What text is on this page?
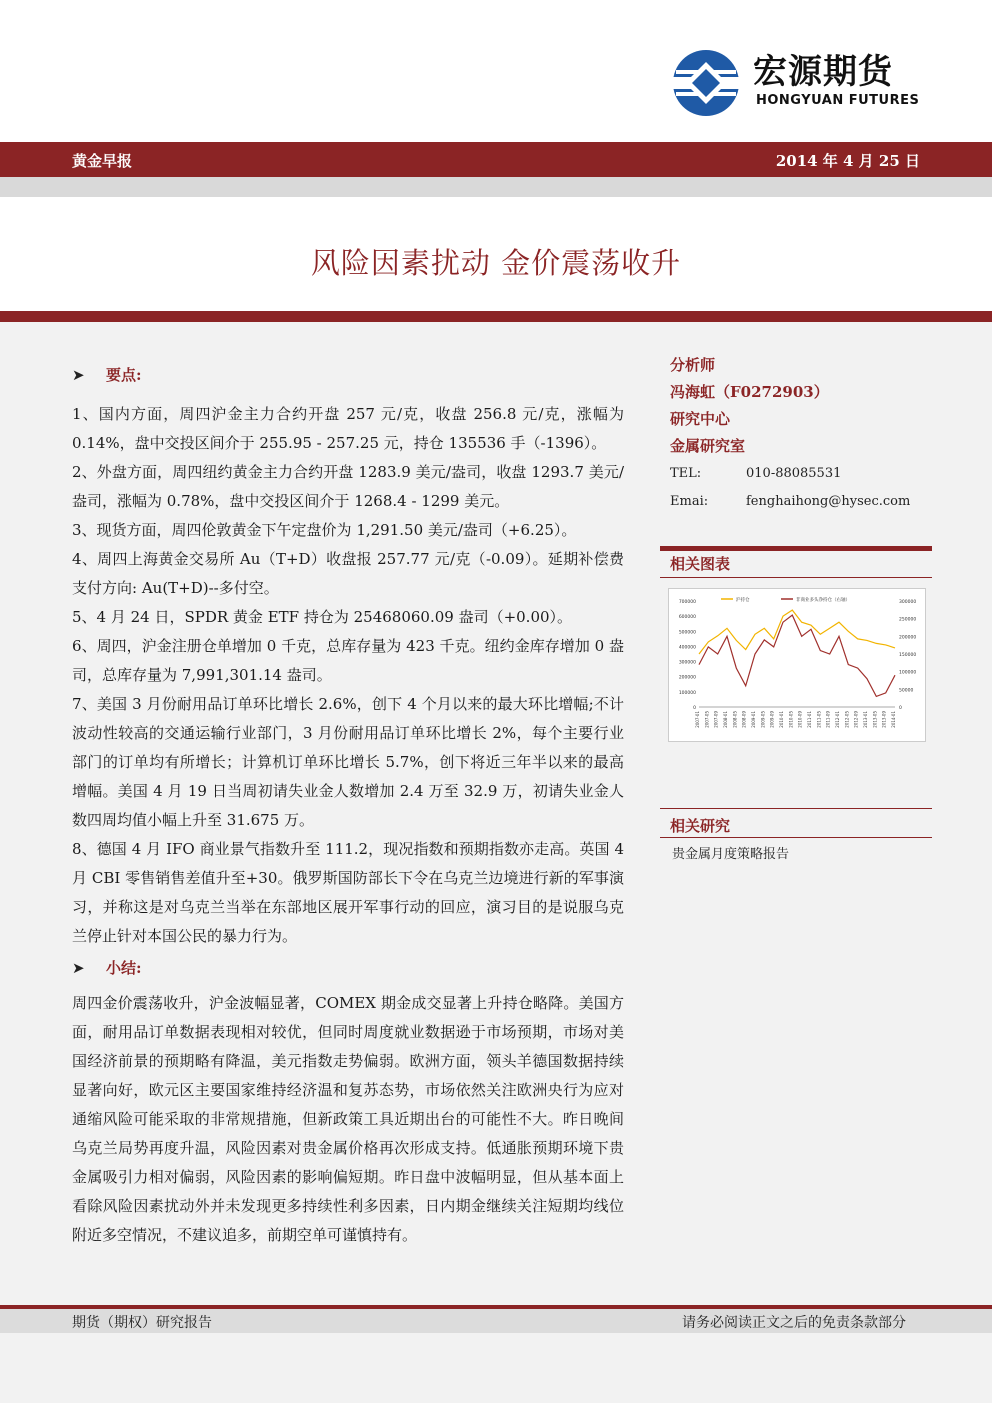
宏源期货
HONGYUAN FUTURES
黄金早报	2014 年 4 月 25 日
风险因素扰动 金价震荡收升
➤ 要点:

1、国内方面，周四沪金主力合约开盘 257 元/克，收盘 256.8 元/克，涨幅为 0.14%，盘中交投区间介于 255.95 - 257.25 元，持仓 135536 手（-1396）。

2、外盘方面，周四纽约黄金主力合约开盘 1283.9 美元/盎司，收盘 1293.7 美元/盎司，涨幅为 0.78%，盘中交投区间介于 1268.4 - 1299 美元。

3、现货方面，周四伦敦黄金下午定盘价为 1,291.50 美元/盎司（+6.25）。

4、周四上海黄金交易所 Au（T+D）收盘报 257.77 元/克（-0.09）。延期补偿费支付方向: Au(T+D)--多付空。

5、4 月 24 日，SPDR 黄金 ETF 持仓为 25468060.09 盎司（+0.00）。

6、周四，沪金注册仓单增加 0 千克，总库存量为 423 千克。纽约金库存增加 0 盎司，总库存量为 7,991,301.14 盎司。

7、美国 3 月份耐用品订单环比增长 2.6%，创下 4 个月以来的最大环比增幅;不计波动性较高的交通运输行业部门，3 月份耐用品订单环比增长 2%，每个主要行业部门的订单均有所增长；计算机订单环比增长 5.7%，创下将近三年半以来的最高增幅。美国 4 月 19 日当周初请失业金人数增加 2.4 万至 32.9 万，初请失业金人数四周均值小幅上升至 31.675 万。

8、德国 4 月 IFO 商业景气指数升至 111.2，现况指数和预期指数亦走高。英国 4 月 CBI 零售销售差值升至+30。俄罗斯国防部长下令在乌克兰边境进行新的军事演习，并称这是对乌克兰当举在东部地区展开军事行动的回应，演习目的是说服乌克兰停止针对本国公民的暴力行为。

➤ 小结:

周四金价震荡收升，沪金波幅显著，COMEX 期金成交显著上升持仓略降。美国方面，耐用品订单数据表现相对较优，但同时周度就业数据逊于市场预期，市场对美国经济前景的预期略有降温，美元指数走势偏弱。欧洲方面，领头羊德国数据持续显著向好，欧元区主要国家维持经济温和复苏态势，市场依然关注欧洲央行为应对通缩风险可能采取的非常规措施，但新政策工具近期出台的可能性不大。昨日晚间乌克兰局势再度升温，风险因素对贵金属价格再次形成支持。低通胀预期环境下贵金属吸引力相对偏弱，风险因素的影响偏短期。昨日盘中波幅明显，但从基本面上看除风险因素扰动外并未发现更多持续性利多因素，日内期金继续关注短期均线位附近多空情况，不建议追多，前期空单可谨慎持有。

分析师
冯海虹（F0272903）
研究中心
金属研究室
TEL:	010-88085531
Emai:	fenghaihong@hysec.com
相关图表
700000
600000
500000
400000
300000
200000
100000
0
300000
250000
200000
150000
100000
50000
0
2007-01 2007-05 2007-09 2008-01 2008-05 2008-09 2009-01 2009-05 2009-09 2010-01 2010-05 2010-09 2011-01 2011-05 2011-09 2012-01 2012-05 2012-09 2013-01 2013-05 2013-09 2014-01
沪持仓	非商业多头净持仓（右轴）
相关研究
贵金属月度策略报告
期货（期权）研究报告	请务必阅读正文之后的免责条款部分
